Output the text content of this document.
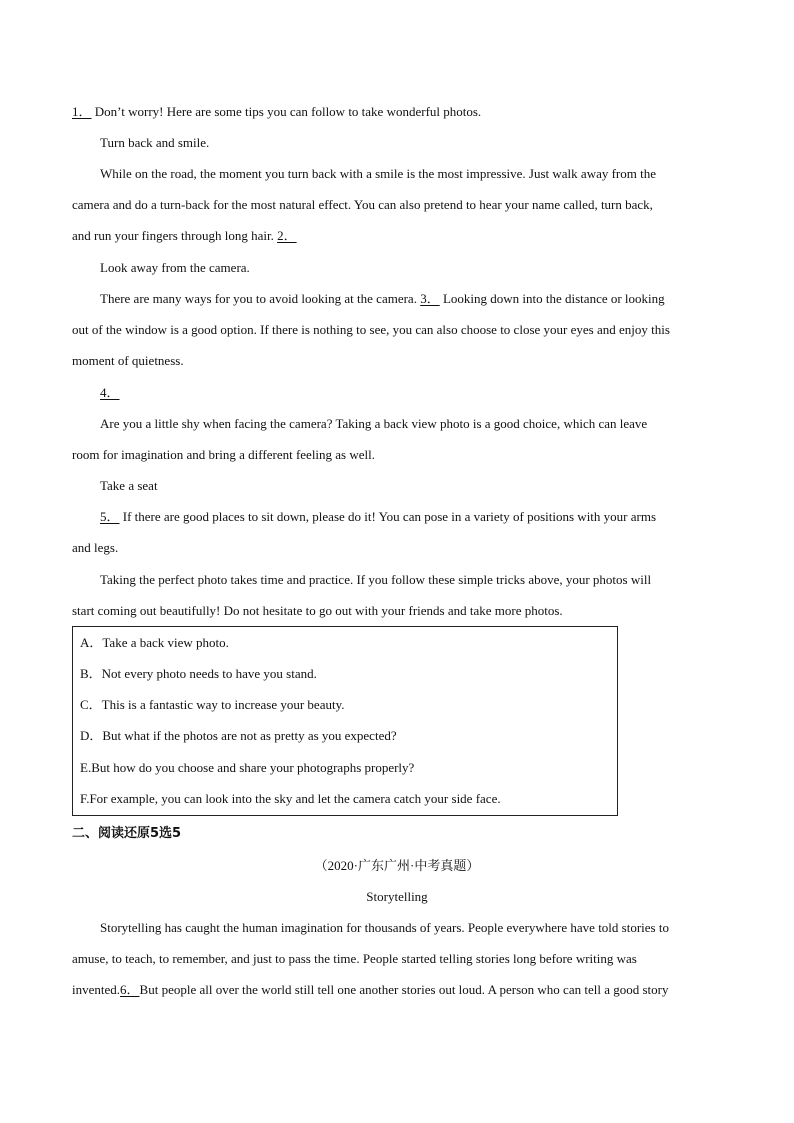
1． Don’t worry! Here are some tips you can follow to take wonderful photos.
Turn back and smile.
While on the road, the moment you turn back with a smile is the most impressive. Just walk away from the
camera and do a turn-back for the most natural effect. You can also pretend to hear your name called, turn back,
and run your fingers through long hair. 2．
Look away from the camera.
There are many ways for you to avoid looking at the camera. 3． Looking down into the distance or looking
out of the window is a good option. If there is nothing to see, you can also choose to close your eyes and enjoy this
moment of quietness.
4．
Are you a little shy when facing the camera? Taking a back view photo is a good choice, which can leave
room for imagination and bring a different feeling as well.
Take a seat
5． If there are good places to sit down, please do it! You can pose in a variety of positions with your arms
and legs.
Taking the perfect photo takes time and practice. If you follow these simple tricks above, your photos will
start coming out beautifully! Do not hesitate to go out with your friends and take more photos.
A．Take a back view photo.
B．Not every photo needs to have you stand.
C．This is a fantastic way to increase your beauty.
D．But what if the photos are not as pretty as you expected?
E.But how do you choose and share your photographs properly?
F.For example, you can look into the sky and let the camera catch your side face.
二、阅读还原5选5
（2020·广东广州·中考真题）
Storytelling
Storytelling has caught the human imagination for thousands of years. People everywhere have told stories to
amuse, to teach, to remember, and just to pass the time. People started telling stories long before writing was
invented.6．But people all over the world still tell one another stories out loud. A person who can tell a good story
